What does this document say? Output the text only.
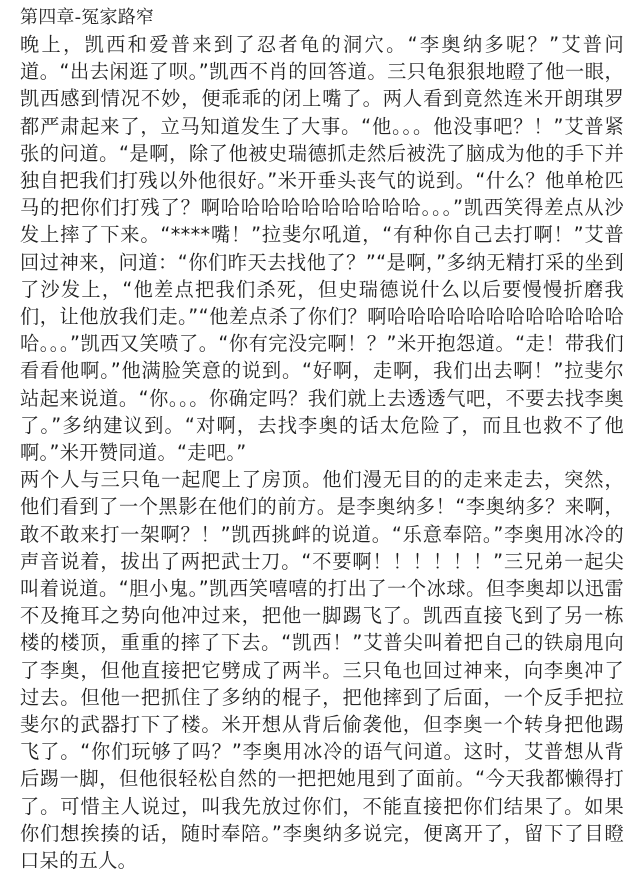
第四章-冤家路窄

晚上，凯西和爱普来到了忍者龟的洞穴。“李奥纳多呢？”艾普问道。“出去闲逛了呗。”凯西不肖的回答道。三只龟狠狠地瞪了他一眼，凯西感到情况不妙，便乖乖的闭上嘴了。两人看到竟然连米开朗琪罗都严肃起来了，立马知道发生了大事。“他。。。他没事吧？！”艾普紧张的问道。“是啊，除了他被史瑞德抓走然后被洗了脑成为他的手下并独自把我们打残以外他很好。”米开垂头丧气的说到。“什么？他单枪匹马的把你们打残了？啊哈哈哈哈哈哈哈哈哈哈。。。”凯西笑得差点从沙发上摔了下来。“****嘴！”拉斐尔吼道，“有种你自己去打啊！”艾普回过神来，问道：“你们昨天去找他了？”“是啊，”多纳无精打采的坐到了沙发上，“他差点把我们杀死，但史瑞德说什么以后要慢慢折磨我们，让他放我们走。”“他差点杀了你们？啊哈哈哈哈哈哈哈哈哈哈哈哈哈。。。”凯西又笑喷了。“你有完没完啊！？”米开抱怨道。“走！带我们看看他啊。”他满脸笑意的说到。“好啊，走啊，我们出去啊！”拉斐尔站起来说道。“你。。。你确定吗？我们就上去透透气吧，不要去找李奥了。”多纳建议到。“对啊，去找李奥的话太危险了，而且也救不了他啊。”米开赞同道。“走吧。”

两个人与三只龟一起爬上了房顶。他们漫无目的的走来走去，突然，他们看到了一个黑影在他们的前方。是李奥纳多！“李奥纳多？来啊，敢不敢来打一架啊？！”凯西挑衅的说道。“乐意奉陪。”李奥用冰冷的声音说着，拔出了两把武士刀。“不要啊！！！！！！”三兄弟一起尖叫着说道。“胆小鬼。”凯西笑嘻嘻的打出了一个冰球。但李奥却以迅雷不及掩耳之势向他冲过来，把他一脚踢飞了。凯西直接飞到了另一栋楼的楼顶，重重的摔了下去。“凯西！”艾普尖叫着把自己的铁扇甩向了李奥，但他直接把它劈成了两半。三只龟也回过神来，向李奥冲了过去。但他一把抓住了多纳的棍子，把他摔到了后面，一个反手把拉斐尔的武器打下了楼。米开想从背后偷袭他，但李奥一个转身把他踢飞了。“你们玩够了吗？”李奥用冰冷的语气问道。这时，艾普想从背后踢一脚，但他很轻松自然的一把把她甩到了面前。“今天我都懒得打了。可惜主人说过，叫我先放过你们，不能直接把你们结果了。如果你们想挨揍的话，随时奉陪。”李奥纳多说完，便离开了，留下了目瞪口呆的五人。
